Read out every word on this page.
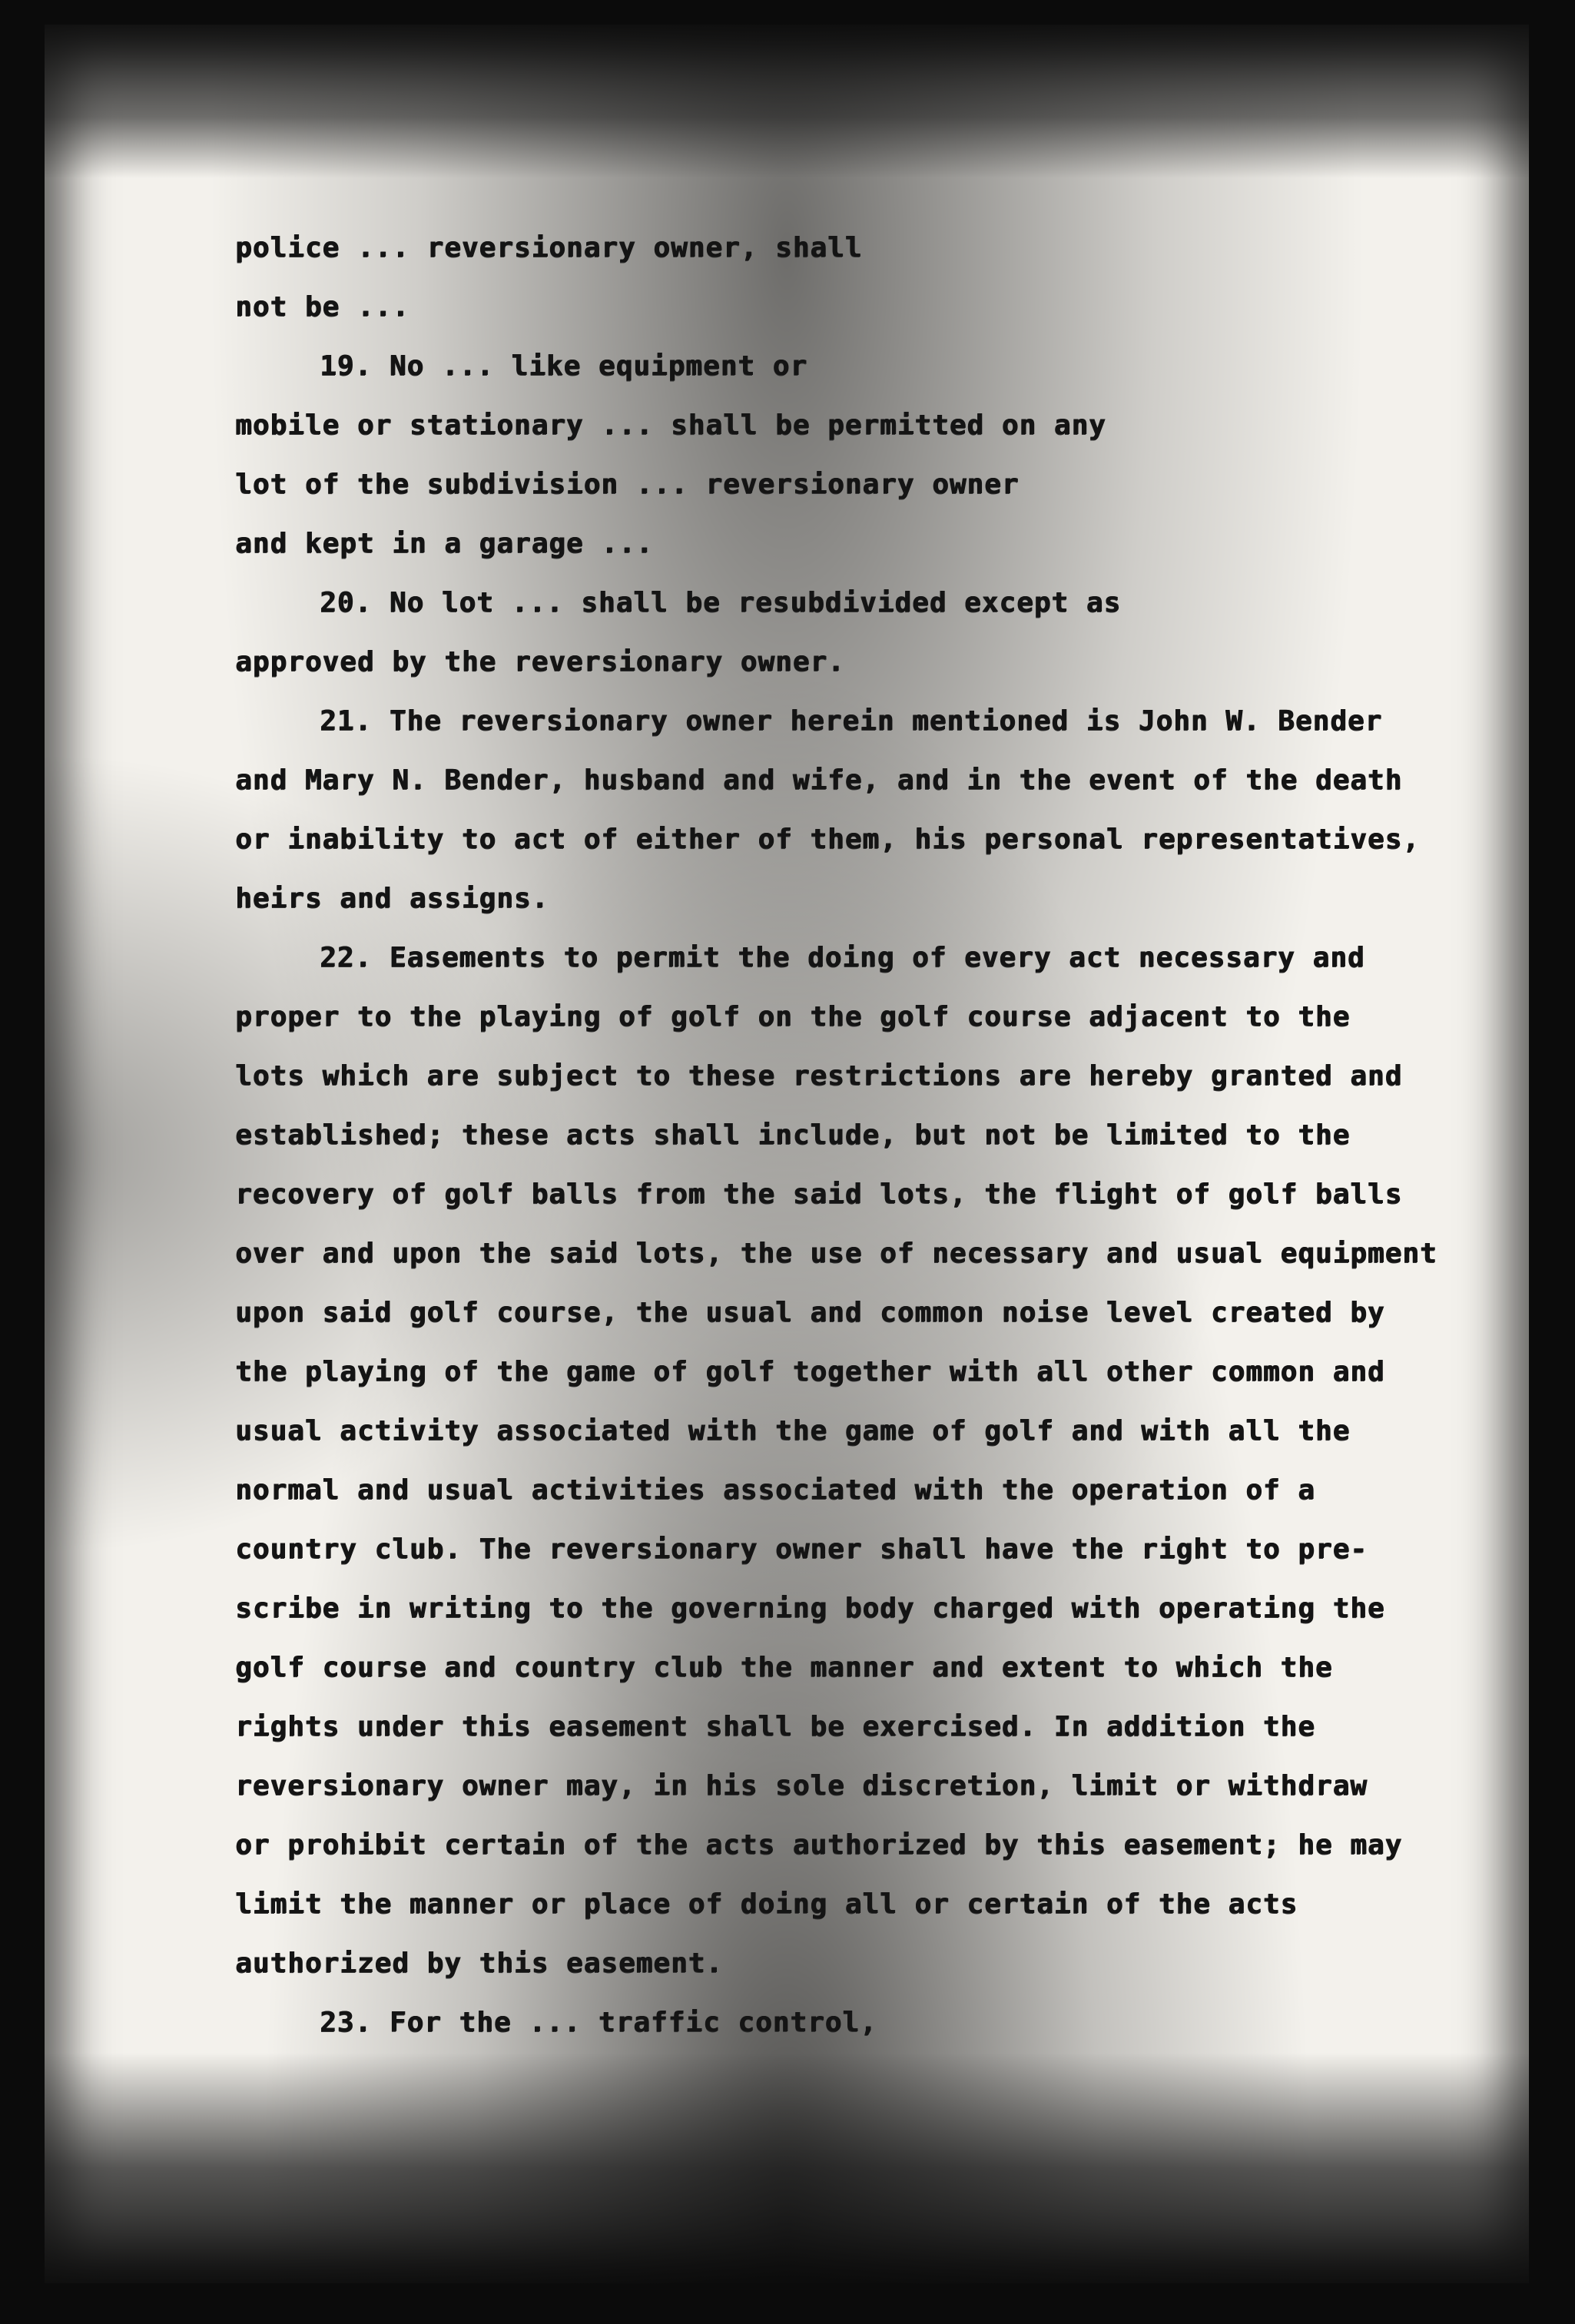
police ... reversionary owner, shall
not be ...
19. No ... like equipment or
mobile or stationary ... shall be permitted on any
lot of the subdivision ... reversionary owner
and kept in a garage ...
20. No lot ... shall be resubdivided except as
approved by the reversionary owner.
21. The reversionary owner herein mentioned is John W. Bender
and Mary N. Bender, husband and wife, and in the event of the death
or inability to act of either of them, his personal representatives,
heirs and assigns.
22. Easements to permit the doing of every act necessary and
proper to the playing of golf on the golf course adjacent to the
lots which are subject to these restrictions are hereby granted and
established; these acts shall include, but not be limited to the
recovery of golf balls from the said lots, the flight of golf balls
over and upon the said lots, the use of necessary and usual equipment
upon said golf course, the usual and common noise level created by
the playing of the game of golf together with all other common and
usual activity associated with the game of golf and with all the
normal and usual activities associated with the operation of a
country club. The reversionary owner shall have the right to pre-
scribe in writing to the governing body charged with operating the
golf course and country club the manner and extent to which the
rights under this easement shall be exercised. In addition the
reversionary owner may, in his sole discretion, limit or withdraw
or prohibit certain of the acts authorized by this easement; he may
limit the manner or place of doing all or certain of the acts
authorized by this easement.
23. For the ... traffic control,
